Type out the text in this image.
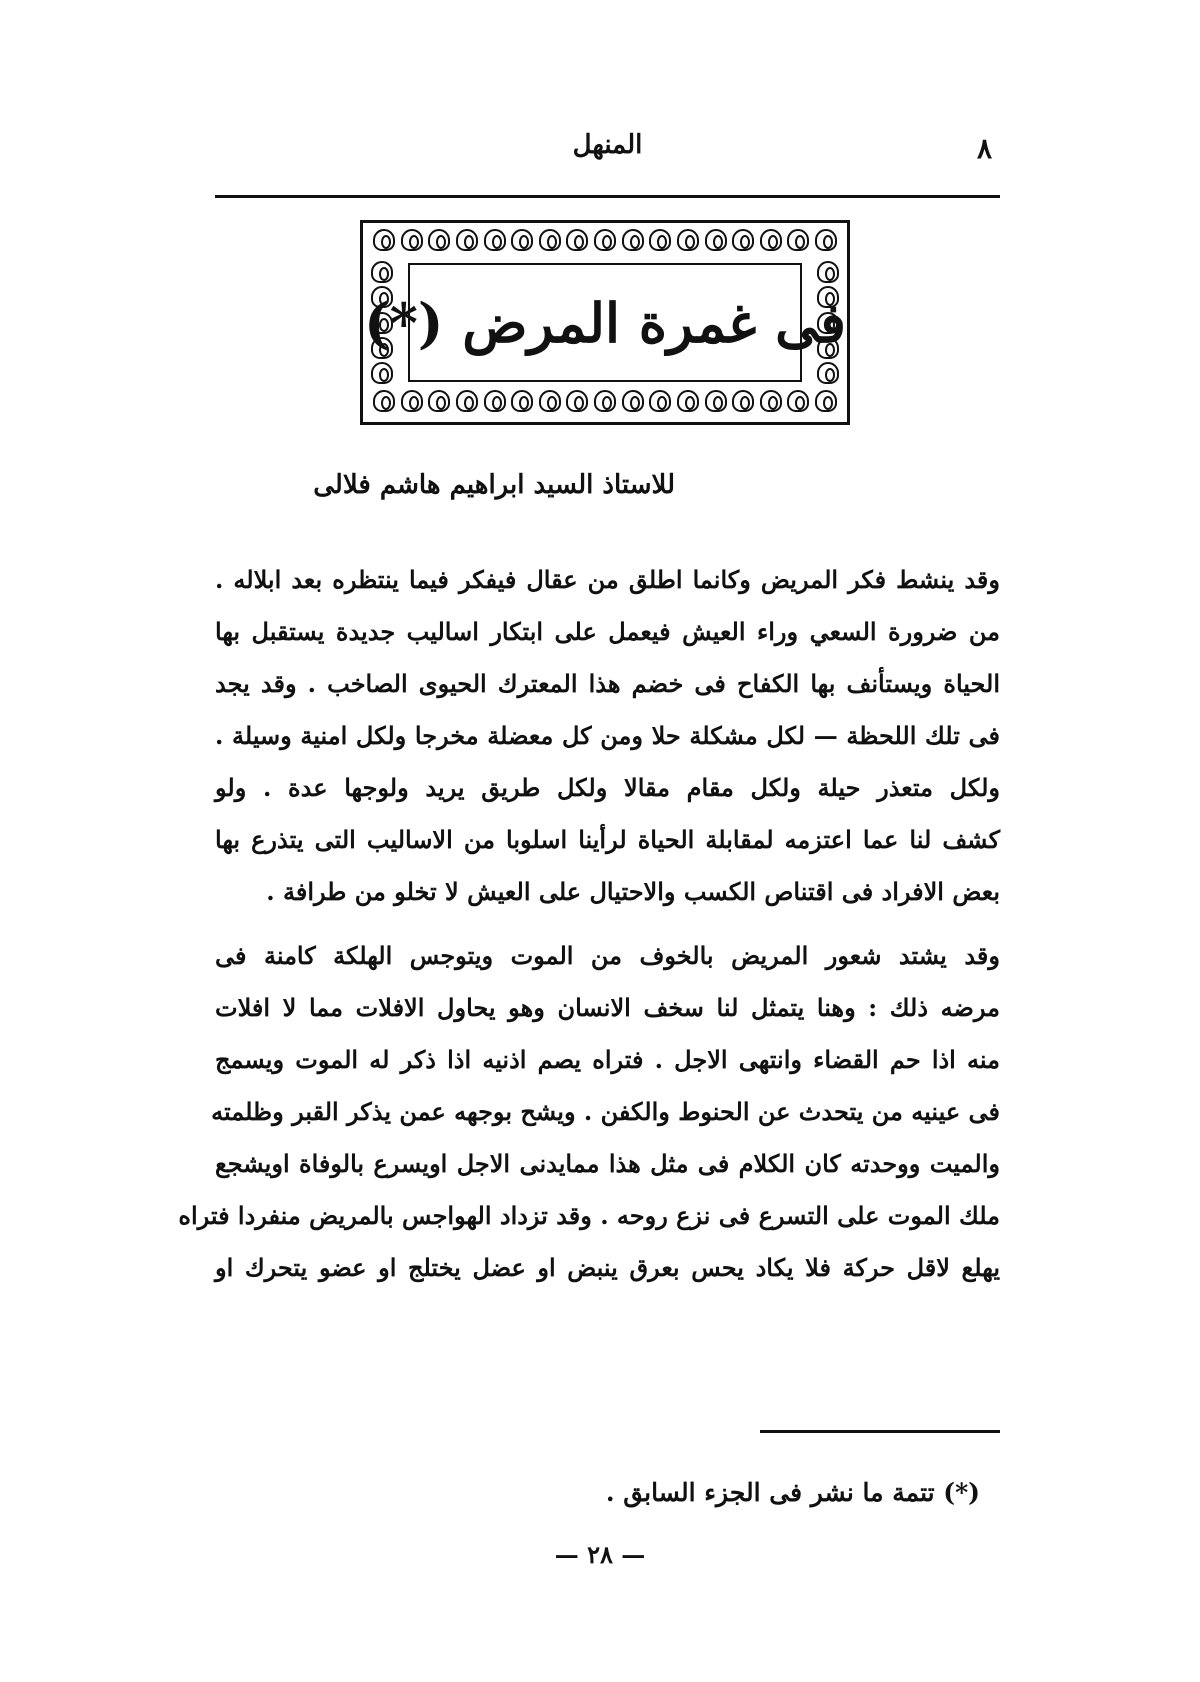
المنهل	٨
فى غمرة المرض (*)
للاستاذ السيد ابراهيم هاشم فلالى
وقد ينشط فكر المريض وكانما اطلق من عقال فيفكر فيما ينتظره بعد ابلاله .
من ضرورة السعي وراء العيش فيعمل على ابتكار اساليب جديدة يستقبل بها
الحياة ويستأنف بها الكفاح فى خضم هذا المعترك الحيوى الصاخب . وقد يجد
فى تلك اللحظة — لكل مشكلة حلا ومن كل معضلة مخرجا ولكل امنية وسيلة .
ولكل متعذر حيلة ولكل مقام مقالا ولكل طريق يريد ولوجها عدة . ولو
كشف لنا عما اعتزمه لمقابلة الحياة لرأينا اسلوبا من الاساليب التى يتذرع بها
بعض الافراد فى اقتناص الكسب والاحتيال على العيش لا تخلو من طرافة .
وقد يشتد شعور المريض بالخوف من الموت ويتوجس الهلكة كامنة فى
مرضه ذلك : وهنا يتمثل لنا سخف الانسان وهو يحاول الافلات مما لا افلات
منه اذا حم القضاء وانتهى الاجل . فتراه يصم اذنيه اذا ذكر له الموت ويسمج
فى عينيه من يتحدث عن الحنوط والكفن . ويشح بوجهه عمن يذكر القبر وظلمته
والميت ووحدته كان الكلام فى مثل هذا ممايدنى الاجل اويسرع بالوفاة اويشجع
ملك الموت على التسرع فى نزع روحه . وقد تزداد الهواجس بالمريض منفردا فتراه
يهلع لاقل حركة فلا يكاد يحس بعرق ينبض او عضل يختلج او عضو يتحرك او
(*) تتمة ما نشر فى الجزء السابق .
— ٢٨ —
